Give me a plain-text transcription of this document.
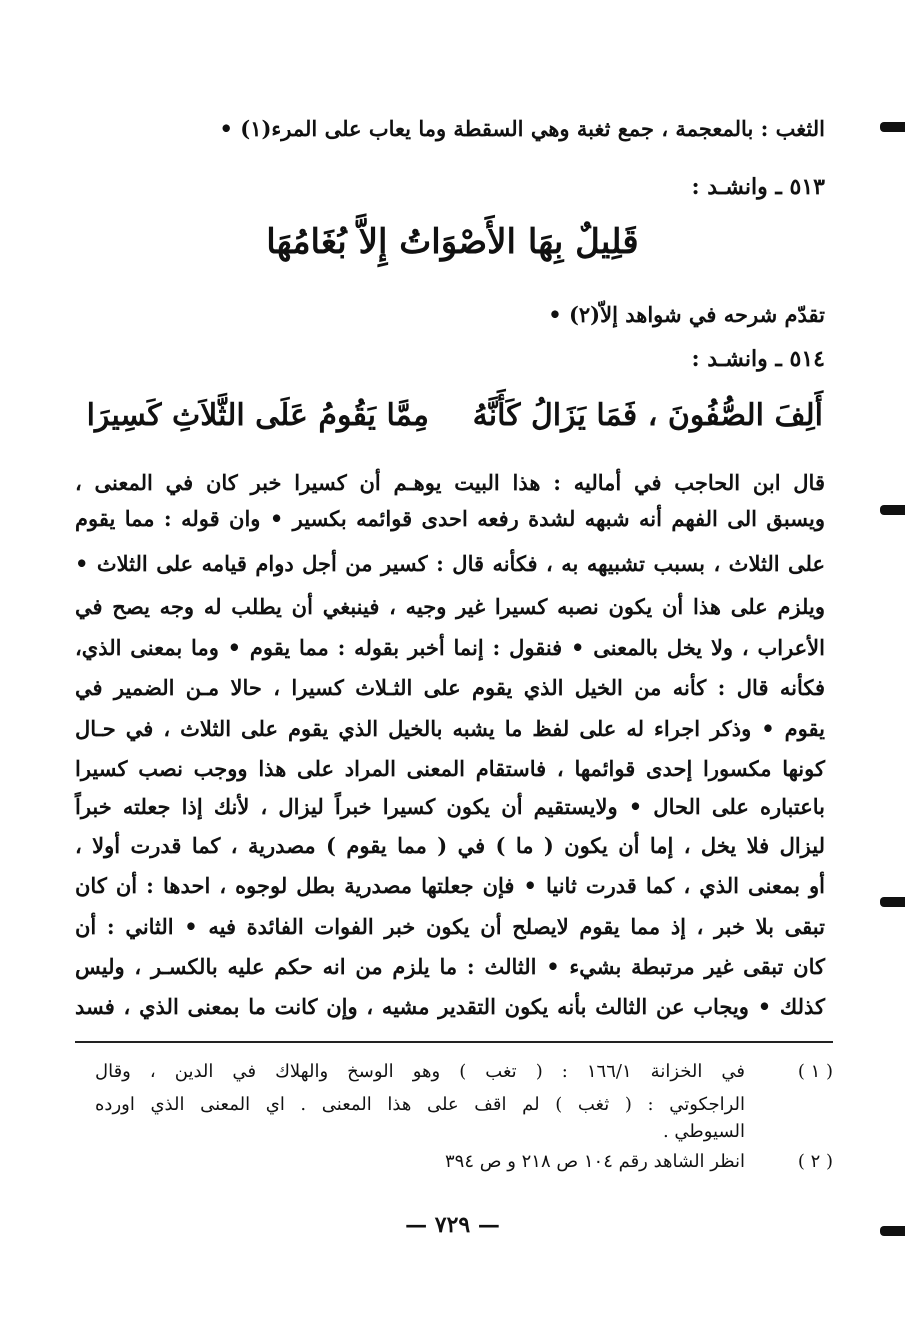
الثغب : بالمعجمة ، جمع ثغبة وهي السقطة وما يعاب على المرء(١) •
٥١٣ ـ وانشـد :
قَلِيلٌ بِهَا الأَصْوَاتُ إِلاَّ بُغَامُهَا
تقدّم شرحه في شواهد إلاّ(٢) •
٥١٤ ـ وانشـد :
أَلِفَ الصُّفُونَ ، فَمَا يَزَالُ كَأَنَّهُ
مِمَّا يَقُومُ عَلَى الثَّلاَثِ كَسِيرَا
قال ابن الحاجب في أماليه : هذا البيت يوهـم أن كسيرا خبر كان في المعنى ،
ويسبق الى الفهم أنه شبهه لشدة رفعه احدى قوائمه بكسير • وان قوله : مما يقوم
على الثلاث ، بسبب تشبيهه به ، فكأنه قال : كسير من أجل دوام قيامه على الثلاث •
ويلزم على هذا أن يكون نصبه كسيرا غير وجيه ، فينبغي أن يطلب له وجه يصح في
الأعراب ، ولا يخل بالمعنى • فنقول : إنما أخبر بقوله : مما يقوم • وما بمعنى الذي،
فكأنه قال : كأنه من الخيل الذي يقوم على الثـلاث كسيرا ، حالا مـن الضمير في
يقوم • وذكر اجراء له على لفظ ما يشبه بالخيل الذي يقوم على الثلاث ، في حـال
كونها مكسورا إحدى قوائمها ، فاستقام المعنى المراد على هذا ووجب نصب كسيرا
باعتباره على الحال • ولايستقيم أن يكون كسيرا خبراً ليزال ، لأنك إذا جعلته خبراً
ليزال فلا يخل ، إما أن يكون ( ما ) في ( مما يقوم ) مصدرية ، كما قدرت أولا ،
أو بمعنى الذي ، كما قدرت ثانيا • فإن جعلتها مصدرية بطل لوجوه ، احدها : أن كان
تبقى بلا خبر ، إذ مما يقوم لايصلح أن يكون خبر الفوات الفائدة فيه • الثاني : أن
كان تبقى غير مرتبطة بشيء • الثالث : ما يلزم من انه حكم عليه بالكسـر ، وليس
كذلك • ويجاب عن الثالث بأنه يكون التقدير مشيه ، وإن كانت ما بمعنى الذي ، فسد
( ١ )
في الخزانة ١٦٦/١ : ( تغب ) وهو الوسخ والهلاك في الدين ، وقال
الراجكوتي : ( ثغب ) لم اقف على هذا المعنى . اي المعنى الذي اورده
السيوطي .
( ٢ )
انظر الشاهد رقم ١٠٤ ص ٢١٨ و ص ٣٩٤
— ٧٢٩ —
